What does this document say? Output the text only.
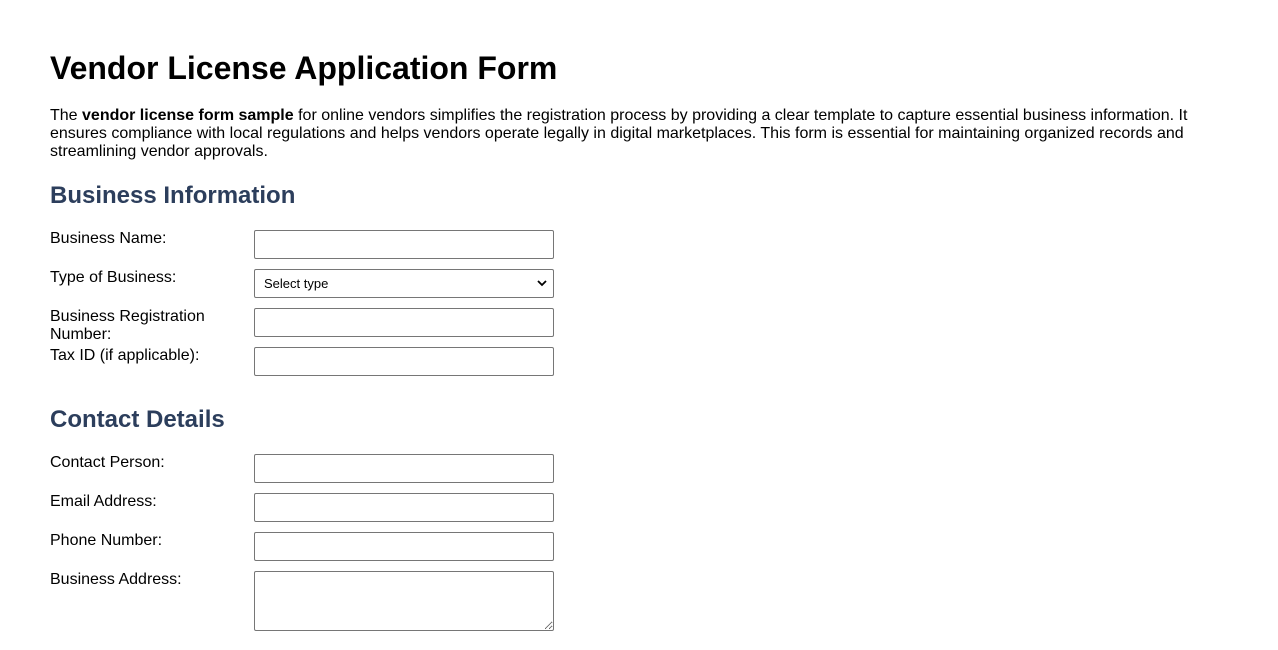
Vendor License Application Form

The vendor license form sample for online vendors simplifies the registration process by providing a clear template to capture essential business information. It ensures compliance with local regulations and helps vendors operate legally in digital marketplaces. This form is essential for maintaining organized records and streamlining vendor approvals.

Business Information
Business Name:
Type of Business:	Select type
Business Registration Number:
Tax ID (if applicable):
Contact Details
Contact Person:
Email Address:
Phone Number:
Business Address:
